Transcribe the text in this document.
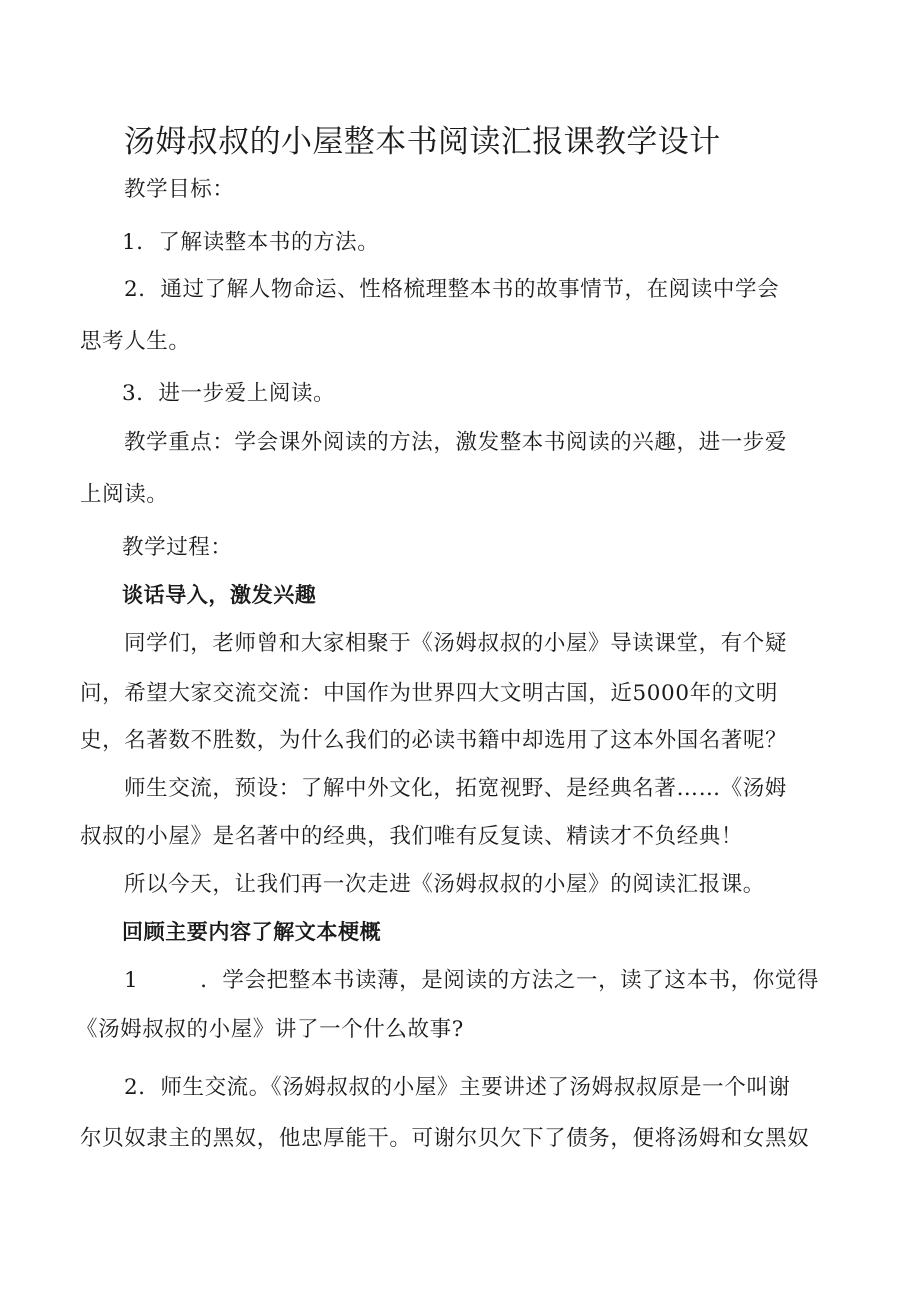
汤姆叔叔的小屋整本书阅读汇报课教学设计
教学目标：
1．了解读整本书的方法。
2．通过了解人物命运、性格梳理整本书的故事情节，在阅读中学会
思考人生。
3．进一步爱上阅读。
教学重点：学会课外阅读的方法，激发整本书阅读的兴趣，进一步爱
上阅读。
教学过程：
谈话导入，激发兴趣
同学们，老师曾和大家相聚于《汤姆叔叔的小屋》导读课堂，有个疑
问，希望大家交流交流：中国作为世界四大文明古国，近5000年的文明
史，名著数不胜数，为什么我们的必读书籍中却选用了这本外国名著呢？
师生交流，预设：了解中外文化，拓宽视野、是经典名著……《汤姆
叔叔的小屋》是名著中的经典，我们唯有反复读、精读才不负经典！
所以今天，让我们再一次走进《汤姆叔叔的小屋》的阅读汇报课。
回顾主要内容了解文本梗概
1	．学会把整本书读薄，是阅读的方法之一，读了这本书，你觉得
《汤姆叔叔的小屋》讲了一个什么故事?
2．师生交流。《汤姆叔叔的小屋》主要讲述了汤姆叔叔原是一个叫谢
尔贝奴隶主的黑奴，他忠厚能干。可谢尔贝欠下了债务，便将汤姆和女黑奴
